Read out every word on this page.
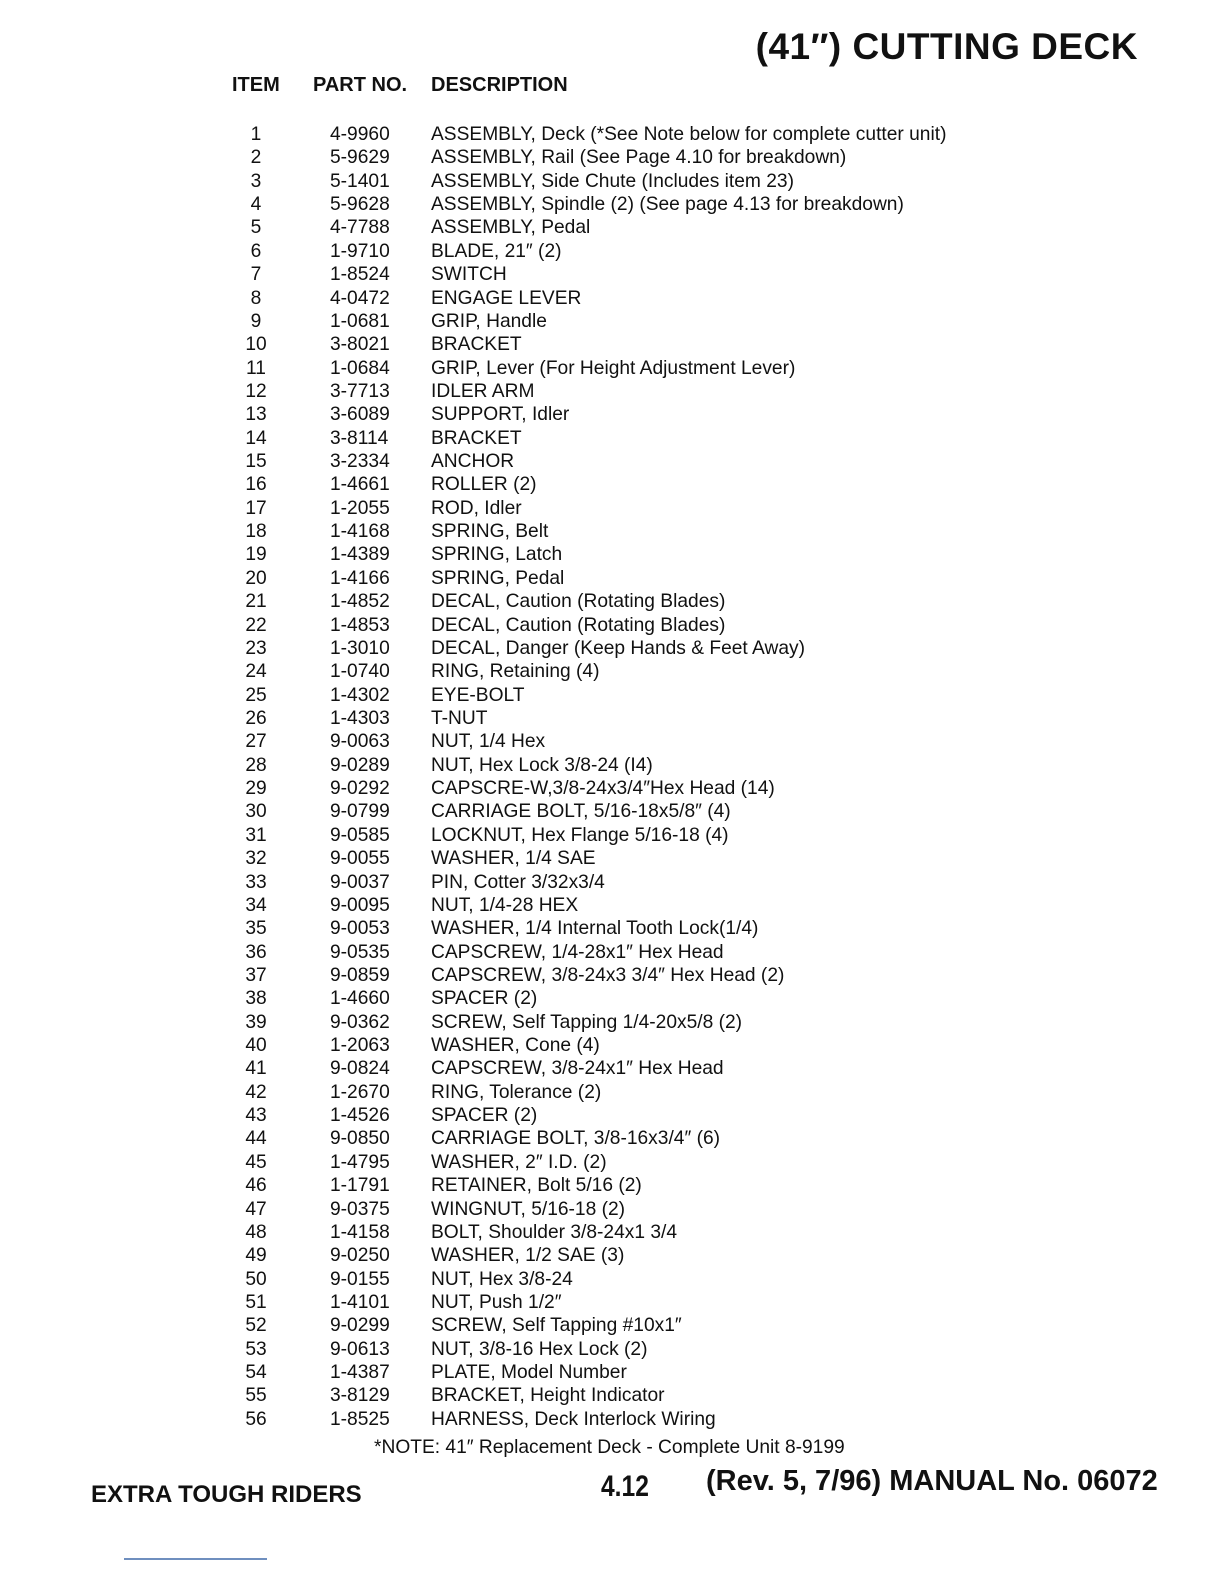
(41″) CUTTING DECK
ITEM PART NO. DESCRIPTION
1	4-9960 ASSEMBLY, Deck (*See Note below for complete cutter unit)
2	5-9629 ASSEMBLY, Rail (See Page 4.10 for breakdown)
3	5-1401 ASSEMBLY, Side Chute (Includes item 23)
4	5-9628 ASSEMBLY, Spindle (2) (See page 4.13 for breakdown)
5	4-7788 ASSEMBLY, Pedal
6	1-9710 BLADE, 21″ (2)
7	1-8524 SWITCH
8	4-0472 ENGAGE LEVER
9	1-0681 GRIP, Handle
10	3-8021 BRACKET
11	1-0684 GRIP, Lever (For Height Adjustment Lever)
12	3-7713 IDLER ARM
13	3-6089 SUPPORT, Idler
14	3-8114 BRACKET
15	3-2334 ANCHOR
16	1-4661 ROLLER (2)
17	1-2055 ROD, Idler
18	1-4168 SPRING, Belt
19	1-4389 SPRING, Latch
20	1-4166 SPRING, Pedal
21	1-4852 DECAL, Caution (Rotating Blades)
22	1-4853 DECAL, Caution (Rotating Blades)
23	1-3010 DECAL, Danger (Keep Hands & Feet Away)
24	1-0740 RING, Retaining (4)
25	1-4302 EYE-BOLT
26	1-4303 T-NUT
27	9-0063 NUT, 1/4 Hex
28	9-0289 NUT, Hex Lock 3/8-24 (I4)
29	9-0292 CAPSCRE-W,3/8-24x3/4″Hex Head (14)
30	9-0799 CARRIAGE BOLT, 5/16-18x5/8″ (4)
31	9-0585 LOCKNUT, Hex Flange 5/16-18 (4)
32	9-0055 WASHER, 1/4 SAE
33	9-0037 PIN, Cotter 3/32x3/4
34	9-0095 NUT, 1/4-28 HEX
35	9-0053 WASHER, 1/4 Internal Tooth Lock(1/4)
36	9-0535 CAPSCREW, 1/4-28x1″ Hex Head
37	9-0859 CAPSCREW, 3/8-24x3 3/4″ Hex Head (2)
38	1-4660 SPACER (2)
39	9-0362 SCREW, Self Tapping 1/4-20x5/8 (2)
40	1-2063 WASHER, Cone (4)
41	9-0824 CAPSCREW, 3/8-24x1″ Hex Head
42	1-2670 RING, Tolerance (2)
43	1-4526 SPACER (2)
44	9-0850 CARRIAGE BOLT, 3/8-16x3/4″ (6)
45	1-4795 WASHER, 2″ I.D. (2)
46	1-1791 RETAINER, Bolt 5/16 (2)
47	9-0375 WINGNUT, 5/16-18 (2)
48	1-4158 BOLT, Shoulder 3/8-24x1 3/4
49	9-0250 WASHER, 1/2 SAE (3)
50	9-0155 NUT, Hex 3/8-24
51	1-4101 NUT, Push 1/2″
52	9-0299 SCREW, Self Tapping #10x1″
53	9-0613 NUT, 3/8-16 Hex Lock (2)
54	1-4387 PLATE, Model Number
55	3-8129 BRACKET, Height Indicator
56	1-8525 HARNESS, Deck Interlock Wiring
*NOTE: 41″ Replacement Deck - Complete Unit 8-9199
EXTRA TOUGH RIDERS	4.12 (Rev. 5, 7/96) MANUAL No. 06072
